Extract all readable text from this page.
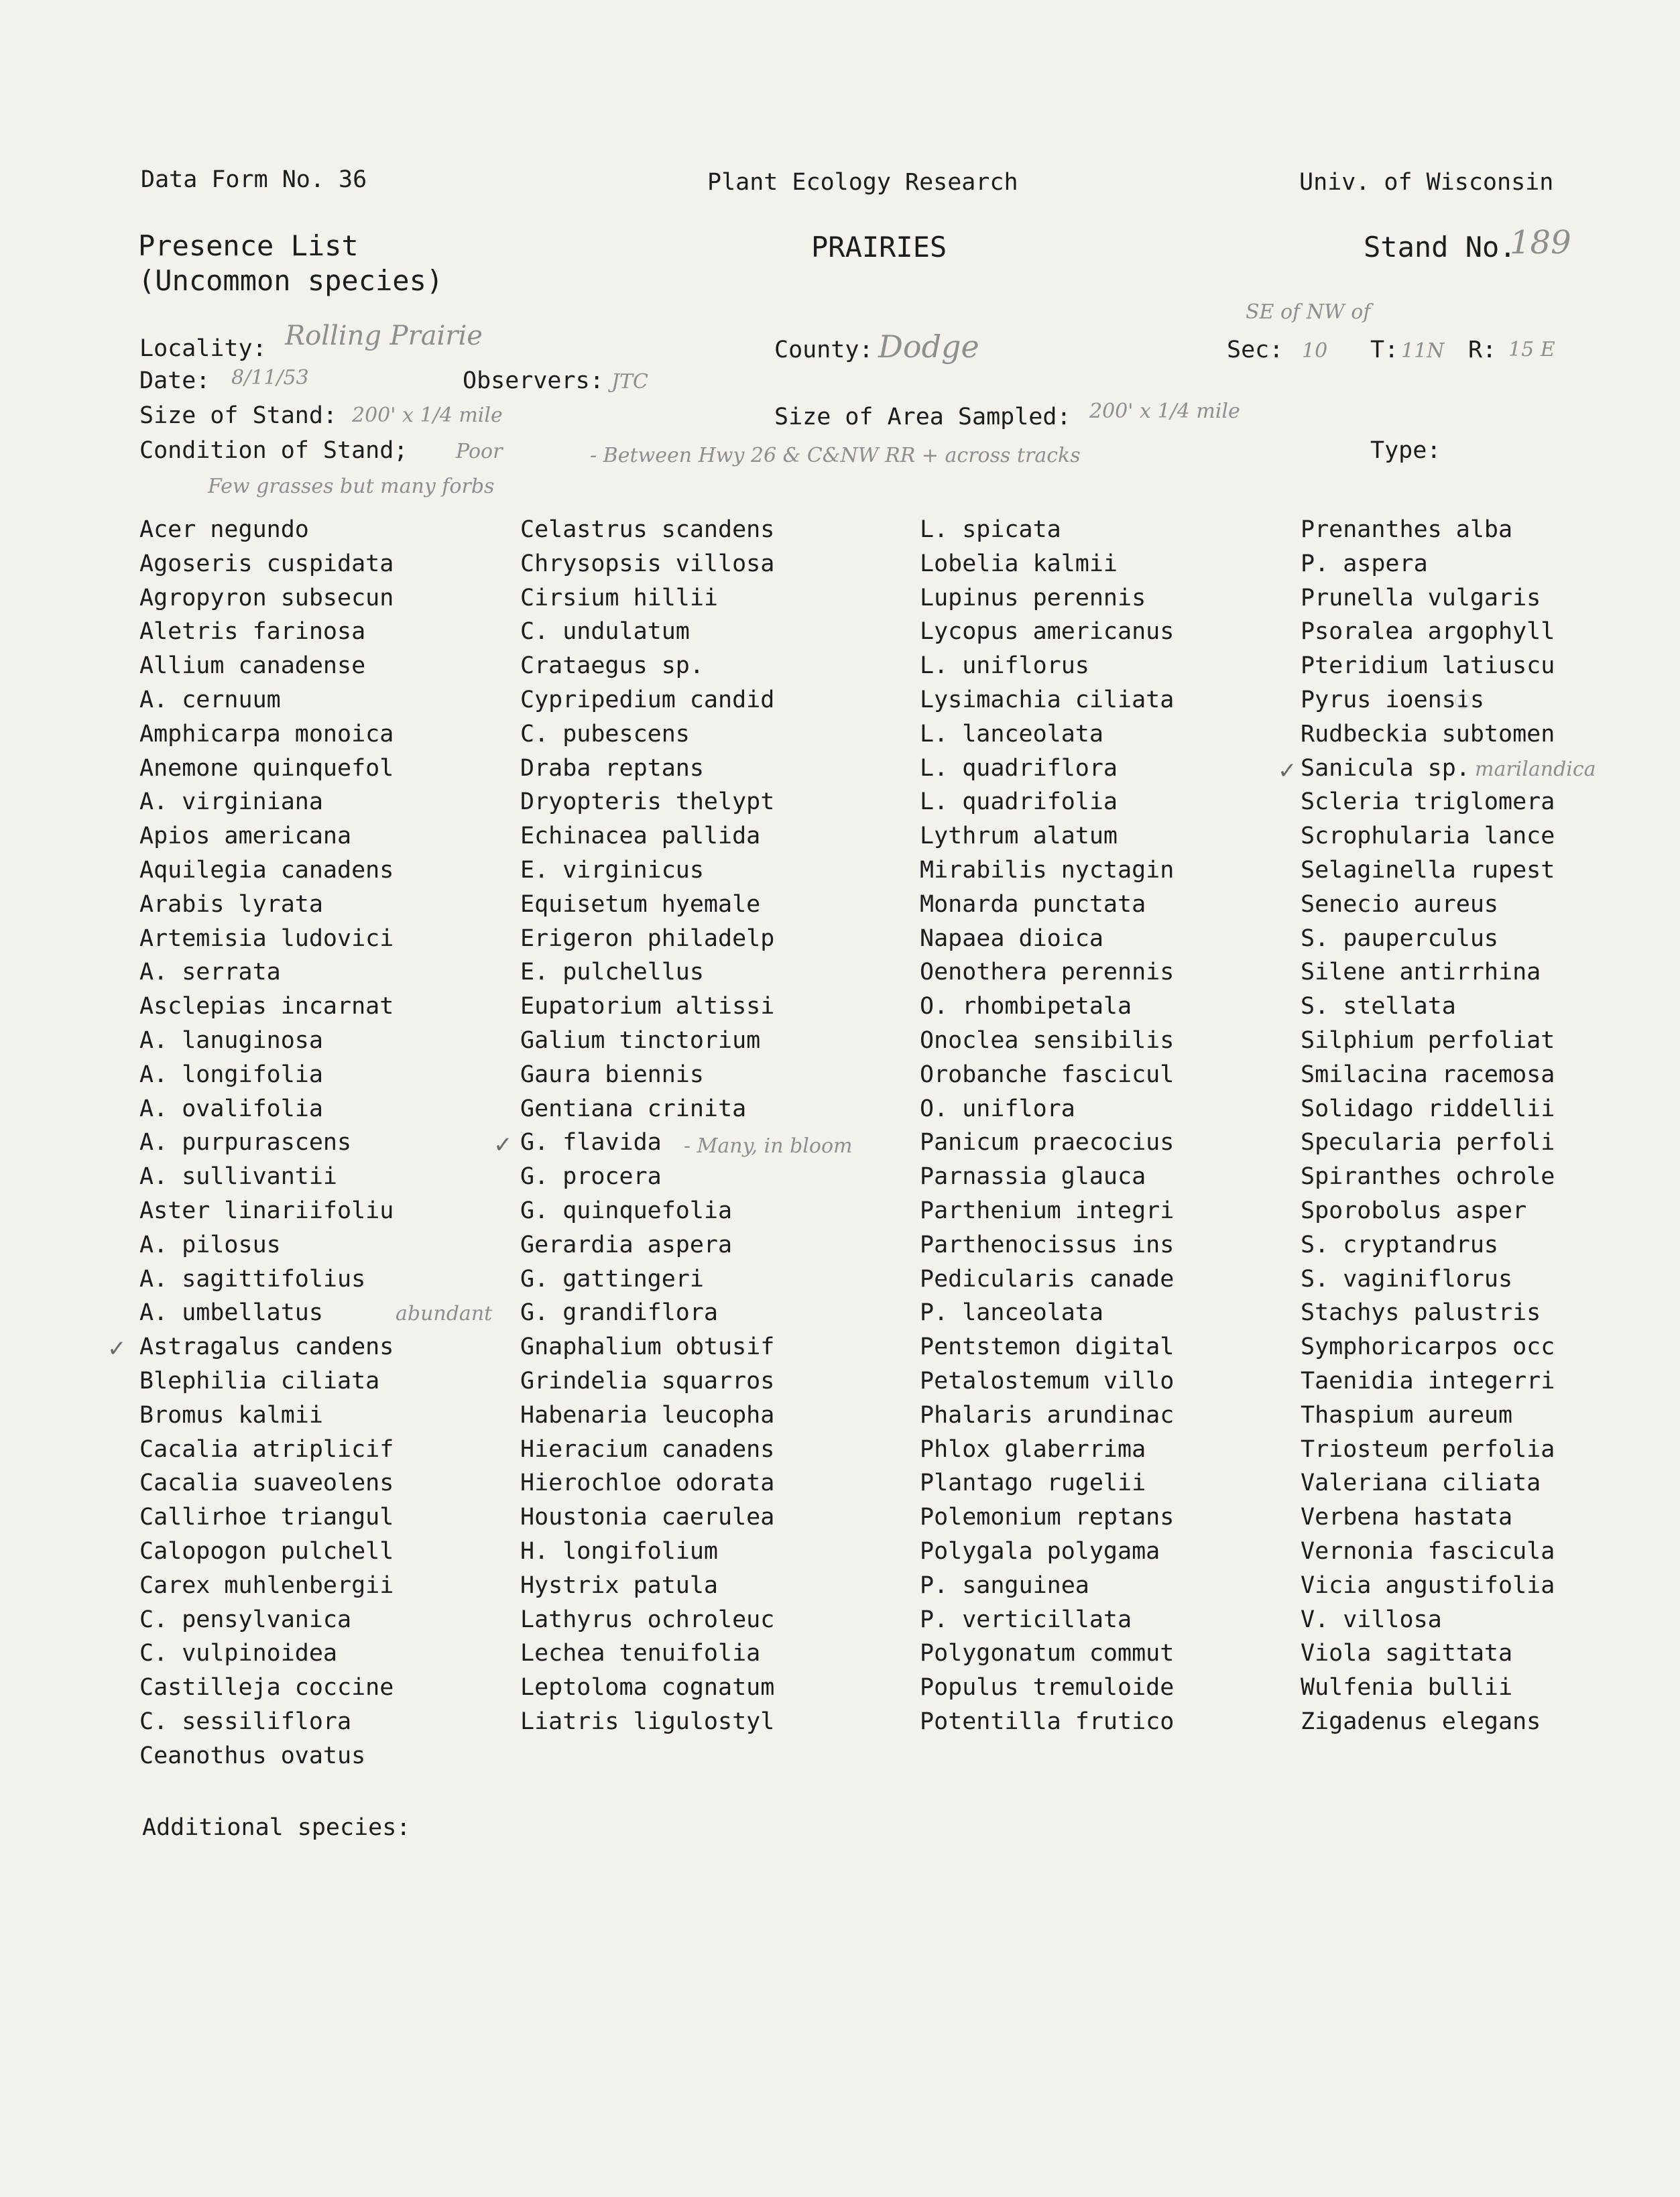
Data Form No. 36	Plant Ecology Research	Univ. of Wisconsin
Presence List
(Uncommon species)
PRAIRIES	Stand No.
189
Locality: Rolling Prairie	County: Dodge
SE of NW of
Sec: 10 T: 11N R: 15 E
Date: 8/11/53	Observers: JTC
Size of Stand: 200' x 1/4 mile	Size of Area Sampled: 200' x 1/4 mile
Condition of Stand; Poor	- Between Hwy 26 & C&NW RR + across tracks	Type:
Few grasses but many forbs
Acer negundo
Agoseris cuspidata
Agropyron subsecun
Aletris farinosa
Allium canadense
A. cernuum
Amphicarpa monoica
Anemone quinquefol
A. virginiana
Apios americana
Aquilegia canadens
Arabis lyrata
Artemisia ludovici
A. serrata
Asclepias incarnat
A. lanuginosa
A. longifolia
A. ovalifolia
A. purpurascens
A. sullivantii
Aster linariifoliu
A. pilosus
A. sagittifolius
A. umbellatus
Astragalus candens
Blephilia ciliata
Bromus kalmii
Cacalia atriplicif
Cacalia suaveolens
Callirhoe triangul
Calopogon pulchell
Carex muhlenbergii
C. pensylvanica
C. vulpinoidea
Castilleja coccine
C. sessiliflora
Ceanothus ovatus
Celastrus scandens
Chrysopsis villosa
Cirsium hillii
C. undulatum
Crataegus sp.
Cypripedium candid
C. pubescens
Draba reptans
Dryopteris thelypt
Echinacea pallida
E. virginicus
Equisetum hyemale
Erigeron philadelp
E. pulchellus
Eupatorium altissi
Galium tinctorium
Gaura biennis
Gentiana crinita
G. flavida
G. procera
G. quinquefolia
Gerardia aspera
G. gattingeri
G. grandiflora
Gnaphalium obtusif
Grindelia squarros
Habenaria leucopha
Hieracium canadens
Hierochloe odorata
Houstonia caerulea
H. longifolium
Hystrix patula
Lathyrus ochroleuc
Lechea tenuifolia
Leptoloma cognatum
Liatris ligulostyl
L. spicata
Lobelia kalmii
Lupinus perennis
Lycopus americanus
L. uniflorus
Lysimachia ciliata
L. lanceolata
L. quadriflora
L. quadrifolia
Lythrum alatum
Mirabilis nyctagin
Monarda punctata
Napaea dioica
Oenothera perennis
O. rhombipetala
Onoclea sensibilis
Orobanche fascicul
O. uniflora
Panicum praecocius
Parnassia glauca
Parthenium integri
Parthenocissus ins
Pedicularis canade
P. lanceolata
Pentstemon digital
Petalostemum villo
Phalaris arundinac
Phlox glaberrima
Plantago rugelii
Polemonium reptans
Polygala polygama
P. sanguinea
P. verticillata
Polygonatum commut
Populus tremuloide
Potentilla frutico
Prenanthes alba
P. aspera
Prunella vulgaris
Psoralea argophyll
Pteridium latiuscu
Pyrus ioensis
Rudbeckia subtomen
Sanicula sp.
Scleria triglomera
Scrophularia lance
Selaginella rupest
Senecio aureus
S. pauperculus
Silene antirrhina
S. stellata
Silphium perfoliat
Smilacina racemosa
Solidago riddellii
Specularia perfoli
Spiranthes ochrole
Sporobolus asper
S. cryptandrus
S. vaginiflorus
Stachys palustris
Symphoricarpos occ
Taenidia integerri
Thaspium aureum
Triosteum perfolia
Valeriana ciliata
Verbena hastata
Vernonia fascicula
Vicia angustifolia
V. villosa
Viola sagittata
Wulfenia bullii
Zigadenus elegans
✓
✓
✓
- Many, in bloom
abundant
marilandica
Additional species:
